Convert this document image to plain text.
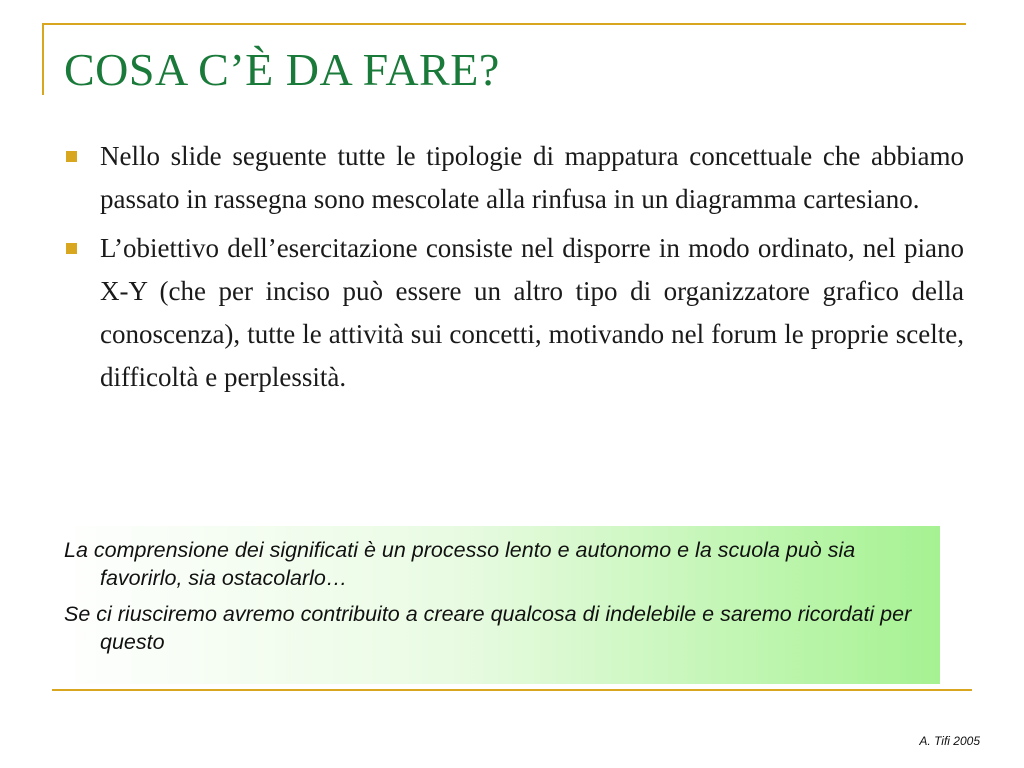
COSA C’È DA FARE?
Nello slide seguente tutte le tipologie di mappatura concettuale che abbiamo passato in rassegna sono mescolate alla rinfusa in un diagramma cartesiano.
L’obiettivo dell’esercitazione consiste nel disporre in modo ordinato, nel piano X-Y (che per inciso può essere un altro tipo di organizzatore grafico della conoscenza), tutte le attività sui concetti, motivando nel forum le proprie scelte, difficoltà e perplessità.

La comprensione dei significati è un processo lento e autonomo e la scuola può sia favorirlo, sia ostacolarlo…

Se ci riusciremo avremo contribuito a creare qualcosa di indelebile e saremo ricordati per questo

A. Tifi 2005
